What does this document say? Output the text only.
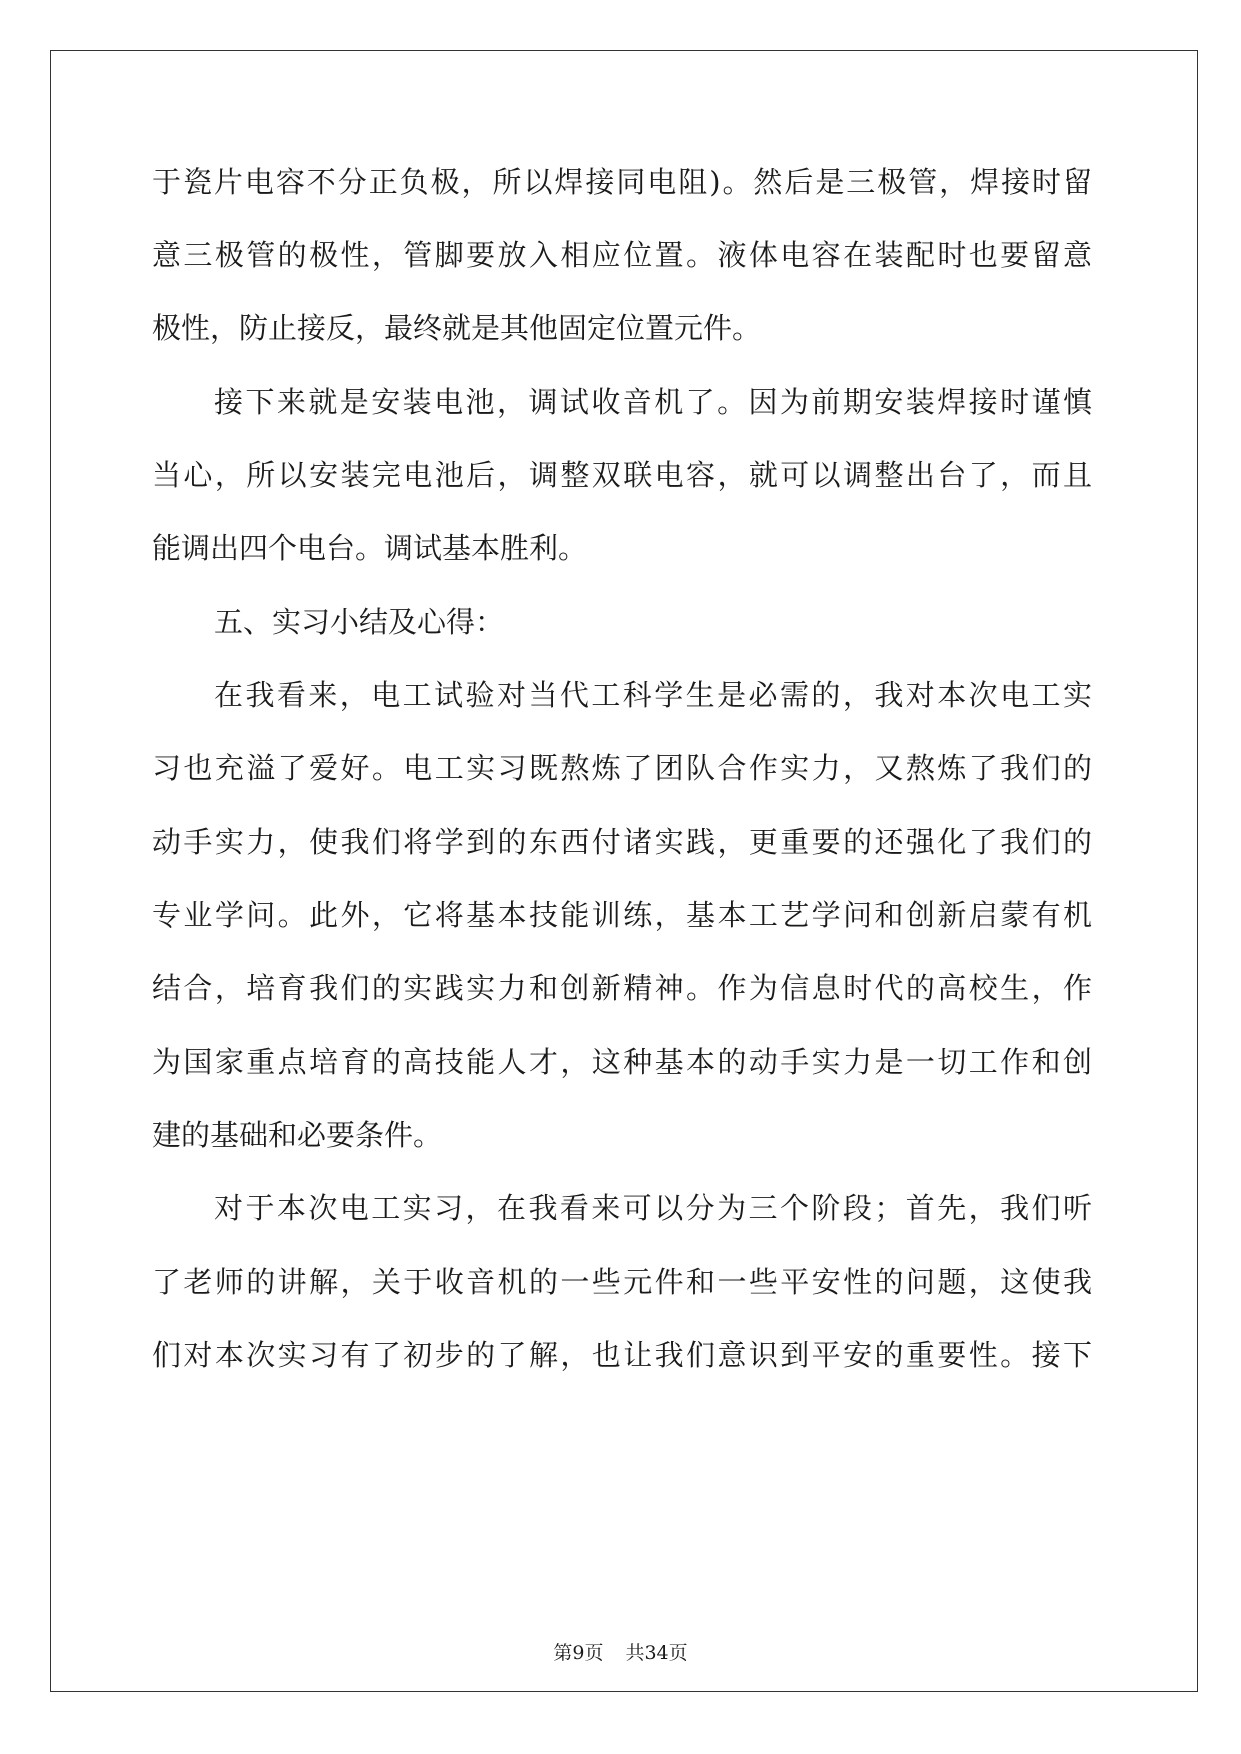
于瓷片电容不分正负极，所以焊接同电阻)。然后是三极管，焊接时留
意三极管的极性，管脚要放入相应位置。液体电容在装配时也要留意
极性，防止接反，最终就是其他固定位置元件。
接下来就是安装电池，调试收音机了。因为前期安装焊接时谨慎
当心，所以安装完电池后，调整双联电容，就可以调整出台了，而且
能调出四个电台。调试基本胜利。
五、实习小结及心得：
在我看来，电工试验对当代工科学生是必需的，我对本次电工实
习也充溢了爱好。电工实习既熬炼了团队合作实力，又熬炼了我们的
动手实力，使我们将学到的东西付诸实践，更重要的还强化了我们的
专业学问。此外，它将基本技能训练，基本工艺学问和创新启蒙有机
结合，培育我们的实践实力和创新精神。作为信息时代的高校生，作
为国家重点培育的高技能人才，这种基本的动手实力是一切工作和创
建的基础和必要条件。
对于本次电工实习，在我看来可以分为三个阶段；首先，我们听
了老师的讲解，关于收音机的一些元件和一些平安性的问题，这使我
们对本次实习有了初步的了解，也让我们意识到平安的重要性。接下
第9页 共34页
